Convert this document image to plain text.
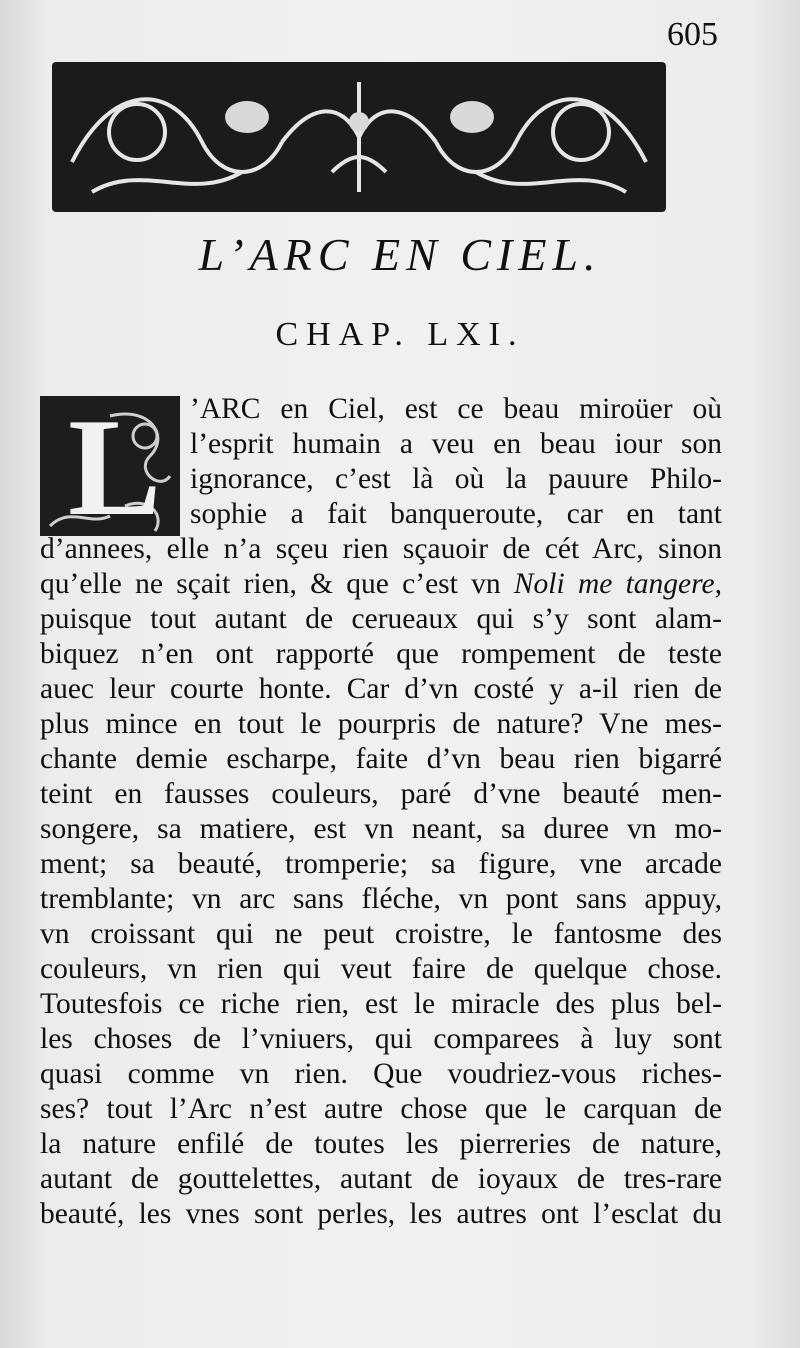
605
L’ARC EN CIEL.
CHAP. LXI.
L ’ARC en Ciel, est ce beau miroüer où
l’esprit humain a veu en beau iour son
ignorance, c’est là où la pauure Philo-
sophie a fait banqueroute, car en tant
d’annees, elle n’a sçeu rien sçauoir de cét Arc, sinon
qu’elle ne sçait rien, & que c’est vn Noli me tangere,
puisque tout autant de cerueaux qui s’y sont alam-
biquez n’en ont rapporté que rompement de teste
auec leur courte honte. Car d’vn costé y a-il rien de
plus mince en tout le pourpris de nature? Vne mes-
chante demie escharpe, faite d’vn beau rien bigarré
teint en fausses couleurs, paré d’vne beauté men-
songere, sa matiere, est vn neant, sa duree vn mo-
ment; sa beauté, tromperie; sa figure, vne arcade
tremblante; vn arc sans fléche, vn pont sans appuy,
vn croissant qui ne peut croistre, le fantosme des
couleurs, vn rien qui veut faire de quelque chose.
Toutesfois ce riche rien, est le miracle des plus bel-
les choses de l’vniuers, qui comparees à luy sont
quasi comme vn rien. Que voudriez-vous riches-
ses? tout l’Arc n’est autre chose que le carquan de
la nature enfilé de toutes les pierreries de nature,
autant de gouttelettes, autant de ioyaux de tres-rare
beauté, les vnes sont perles, les autres ont l’esclat du
